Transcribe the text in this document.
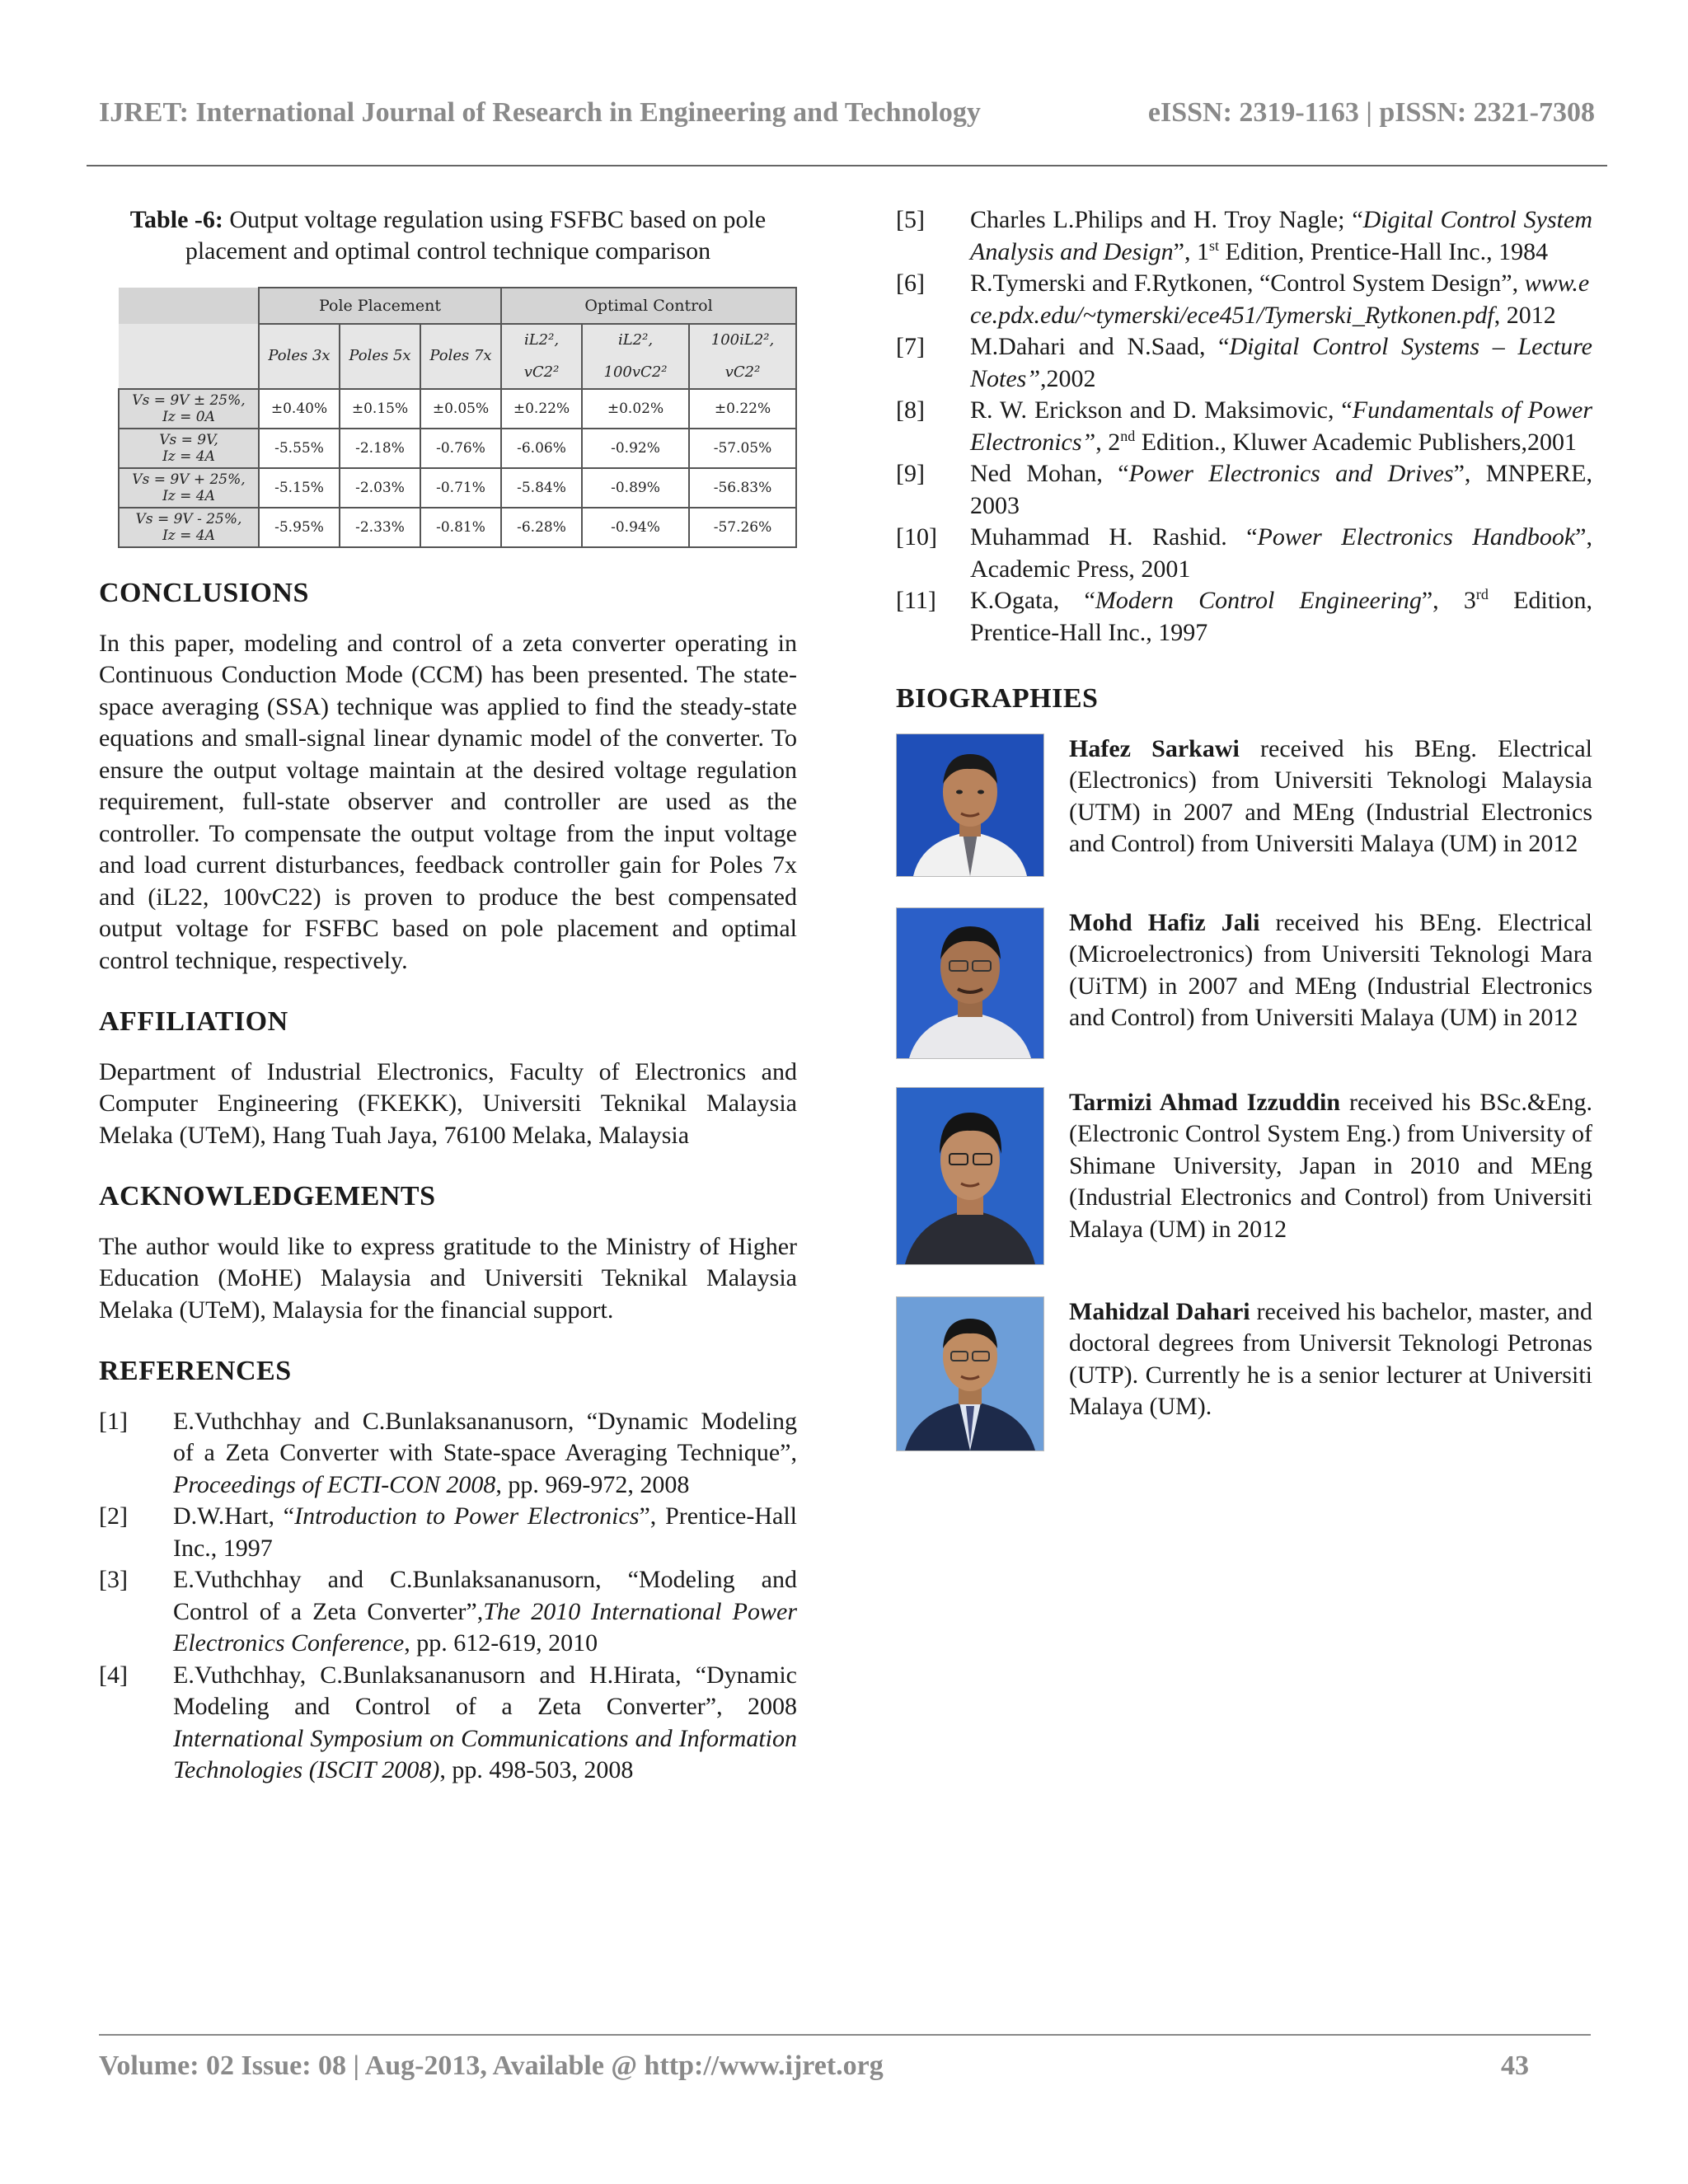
IJRET: International Journal of Research in Engineering and Technology	eISSN: 2319-1163 | pISSN: 2321-7308
Table -6: Output voltage regulation using FSFBC based on pole placement and optimal control technique comparison
	Pole Placement			Optimal Control		
	Poles 3x	Poles 5x	Poles 7x	iL2², vC2²	iL2², 100vC2²	100iL2², vC2²
Vs = 9V ± 25%,
Iz = 0A	±0.40%	±0.15%	±0.05%	±0.22%	±0.02%	±0.22%
Vs = 9V,
Iz = 4A	-5.55%	-2.18%	-0.76%	-6.06%	-0.92%	-57.05%
Vs = 9V + 25%,
Iz = 4A	-5.15%	-2.03%	-0.71%	-5.84%	-0.89%	-56.83%
Vs = 9V - 25%,
Iz = 4A	-5.95%	-2.33%	-0.81%	-6.28%	-0.94%	-57.26%
CONCLUSIONS

In this paper, modeling and control of a zeta converter operating in Continuous Conduction Mode (CCM) has been presented. The state-space averaging (SSA) technique was applied to find the steady-state equations and small-signal linear dynamic model of the converter. To ensure the output voltage maintain at the desired voltage regulation requirement, full-state observer and controller are used as the controller. To compensate the output voltage from the input voltage and load current disturbances, feedback controller gain for Poles 7x and (iL22, 100vC22) is proven to produce the best compensated output voltage for FSFBC based on pole placement and optimal control technique, respectively.

AFFILIATION

Department of Industrial Electronics, Faculty of Electronics and Computer Engineering (FKEKK), Universiti Teknikal Malaysia Melaka (UTeM), Hang Tuah Jaya, 76100 Melaka, Malaysia

ACKNOWLEDGEMENTS

The author would like to express gratitude to the Ministry of Higher Education (MoHE) Malaysia and Universiti Teknikal Malaysia Melaka (UTeM), Malaysia for the financial support.

REFERENCES
[1]	E.Vuthchhay and C.Bunlaksananusorn, “Dynamic Modeling of a Zeta Converter with State-space Averaging Technique”, Proceedings of ECTI-CON 2008, pp. 969-972, 2008
[2]	D.W.Hart, “Introduction to Power Electronics”, Prentice-Hall Inc., 1997
[3]	E.Vuthchhay and C.Bunlaksananusorn, “Modeling and Control of a Zeta Converter”,The 2010 International Power Electronics Conference, pp. 612-619, 2010
[4]	E.Vuthchhay, C.Bunlaksananusorn and H.Hirata, “Dynamic Modeling and Control of a Zeta Converter”, 2008 International Symposium on Communications and Information Technologies (ISCIT 2008), pp. 498-503, 2008
[5]	Charles L.Philips and H. Troy Nagle; “Digital Control System Analysis and Design”, 1st Edition, Prentice-Hall Inc., 1984
[6]	R.Tymerski and F.Rytkonen, “Control System Design”, www.ece.pdx.edu/~tymerski/ece451/Tymerski_Rytkonen.pdf, 2012
[7]	M.Dahari and N.Saad, “Digital Control Systems – Lecture Notes”,2002
[8]	R. W. Erickson and D. Maksimovic, “Fundamentals of Power Electronics”, 2nd Edition., Kluwer Academic Publishers,2001
[9]	Ned Mohan, “Power Electronics and Drives”, MNPERE, 2003
[10]	Muhammad H. Rashid. “Power Electronics Handbook”, Academic Press, 2001
[11]	K.Ogata, “Modern Control Engineering”, 3rd Edition, Prentice-Hall Inc., 1997
BIOGRAPHIES
Hafez Sarkawi received his BEng. Electrical (Electronics) from Universiti Teknologi Malaysia (UTM) in 2007 and MEng (Industrial Electronics and Control) from Universiti Malaya (UM) in 2012
Mohd Hafiz Jali received his BEng. Electrical (Microelectronics) from Universiti Teknologi Mara (UiTM) in 2007 and MEng (Industrial Electronics and Control) from Universiti Malaya (UM) in 2012
Tarmizi Ahmad Izzuddin received his BSc.&Eng. (Electronic Control System Eng.) from University of Shimane University, Japan in 2010 and MEng (Industrial Electronics and Control) from Universiti Malaya (UM) in 2012
Mahidzal Dahari received his bachelor, master, and doctoral degrees from Universit Teknologi Petronas (UTP). Currently he is a senior lecturer at Universiti Malaya (UM).
Volume: 02 Issue: 08 | Aug-2013, Available @ http://www.ijret.org	43
